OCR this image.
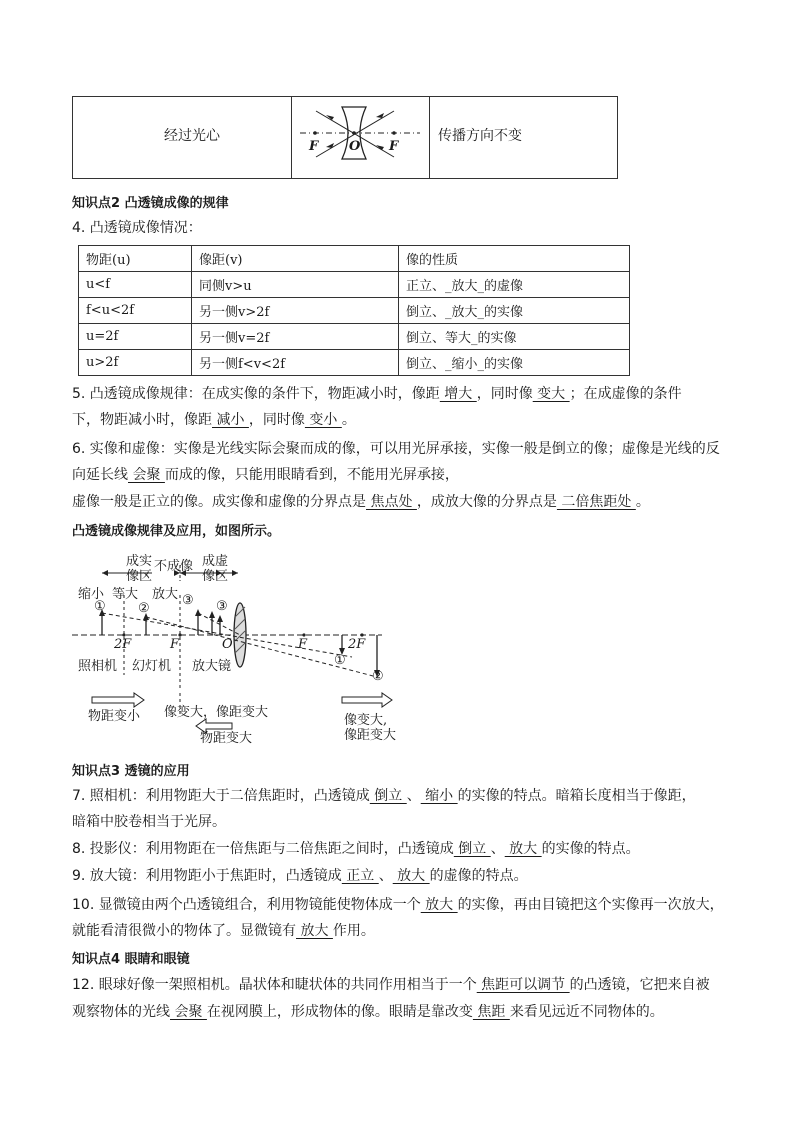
F O F
经过光心	传播方向不变
知识点2 凸透镜成像的规律
4. 凸透镜成像情况：
物距(u)	像距(v)	像的性质
u<f	同侧v>u	正立、_放大_的虚像
f<u<2f	另一侧v>2f	倒立、_放大_的实像
u=2f	另一侧v=2f	倒立、等大_的实像
u>2f	另一侧f<v<2f	倒立、_缩小_的实像
5. 凸透镜成像规律：在成实像的条件下，物距减小时，像距 增大 ，同时像 变大 ；在成虚像的条件
下，物距减小时，像距 减小 ，同时像 变小 。
6. 实像和虚像：实像是光线实际会聚而成的像，可以用光屏承接，实像一般是倒立的像；虚像是光线的反
向延长线 会聚 而成的像，只能用眼睛看到，不能用光屏承接，
虚像一般是正立的像。成实像和虚像的分界点是 焦点处 ，成放大像的分界点是 二倍焦距处 。
凸透镜成像规律及应用，如图所示。
成实
像区
不成像 成虚
像区
缩小 等大 放大
① ②
③ ③
2F	F	O	F	2F
①
②
照相机 幻灯机 放大镜
物距变小 像变大，像距变大
物距变大
像变大,
像距变大
知识点3 透镜的应用
7. 照相机：利用物距大于二倍焦距时，凸透镜成 倒立 、 缩小 的实像的特点。暗箱长度相当于像距，
暗箱中胶卷相当于光屏。
8. 投影仪：利用物距在一倍焦距与二倍焦距之间时，凸透镜成 倒立 、 放大 的实像的特点。
9. 放大镜：利用物距小于焦距时，凸透镜成 正立 、 放大 的虚像的特点。
10. 显微镜由两个凸透镜组合，利用物镜能使物体成一个 放大 的实像，再由目镜把这个实像再一次放大，
就能看清很微小的物体了。显微镜有 放大 作用。
知识点4 眼睛和眼镜
12. 眼球好像一架照相机。晶状体和睫状体的共同作用相当于一个 焦距可以调节 的凸透镜，它把来自被
观察物体的光线 会聚 在视网膜上，形成物体的像。眼睛是靠改变 焦距 来看见远近不同物体的。
